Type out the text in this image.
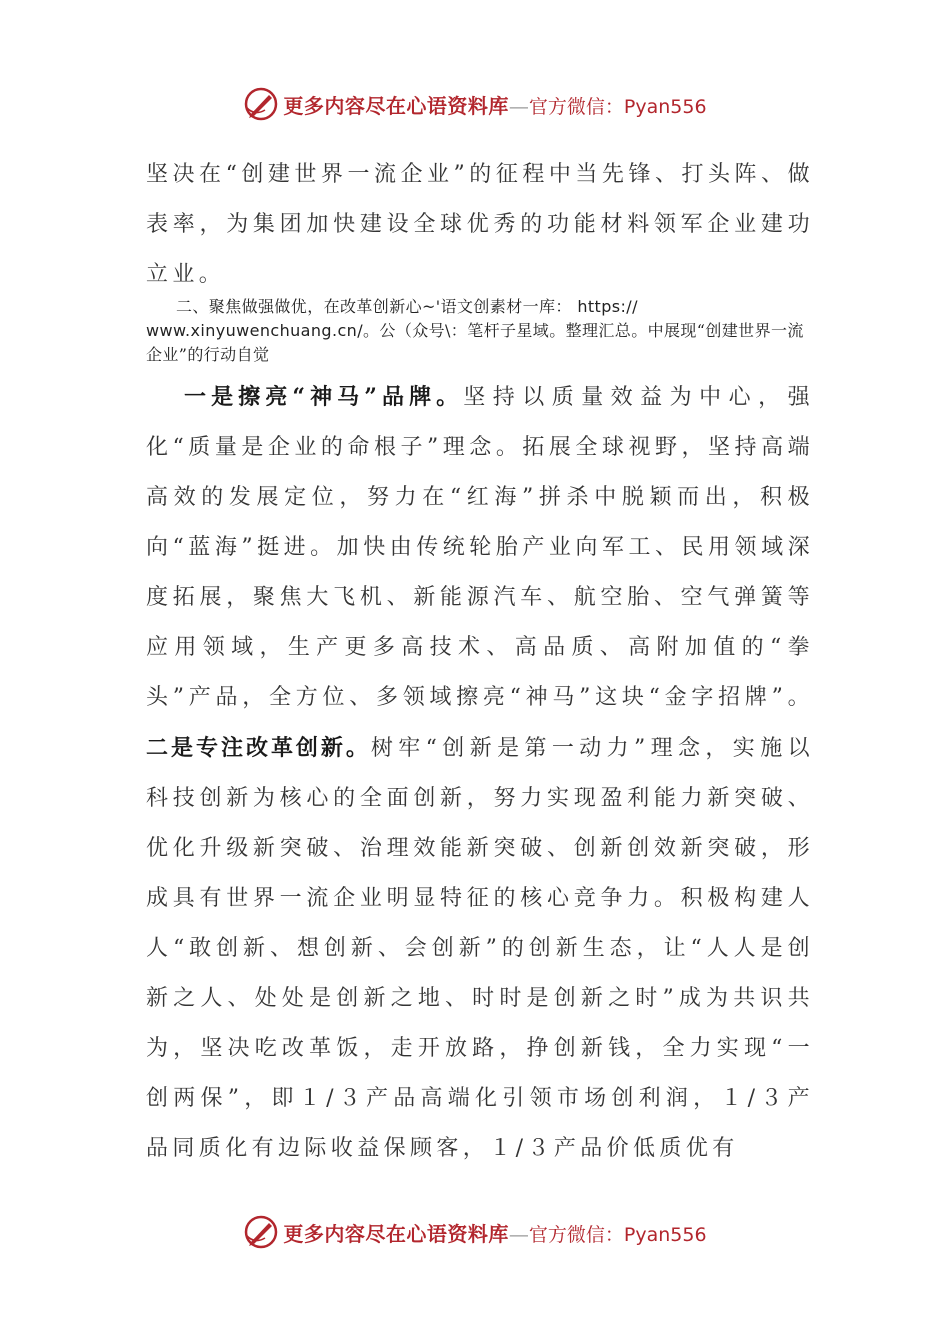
更多内容尽在心语资料库—官方微信：Pyan556
坚决在“创建世界一流企业”的征程中当先锋、打头阵、做表率，为集团加快建设全球优秀的功能材料领军企业建功立业。
二、聚焦做强做优，在改革创新心~'语文创素材一库： https:// www.xinyuwenchuang.cn/。公（众号\：笔杆子星域。整理汇总。中展现“创建世界一流企业”的行动自觉
一是擦亮“神马”品牌。坚持以质量效益为中心，强化“质量是企业的命根子”理念。拓展全球视野，坚持高端高效的发展定位，努力在“红海”拼杀中脱颖而出，积极向“蓝海”挺进。加快由传统轮胎产业向军工、民用领域深度拓展，聚焦大飞机、新能源汽车、航空胎、空气弹簧等应用领域，生产更多高技术、高品质、高附加值的“拳头”产品，全方位、多领域擦亮“神马”这块“金字招牌”。二是专注改革创新。树牢“创新是第一动力”理念，实施以科技创新为核心的全面创新，努力实现盈利能力新突破、优化升级新突破、治理效能新突破、创新创效新突破，形成具有世界一流企业明显特征的核心竞争力。积极构建人人“敢创新、想创新、会创新”的创新生态，让“人人是创新之人、处处是创新之地、时时是创新之时”成为共识共为，坚决吃改革饭，走开放路，挣创新钱，全力实现“一创两保”，即１/３产品高端化引领市场创利润，１/３产品同质化有边际收益保顾客，１/３产品价低质优有
更多内容尽在心语资料库—官方微信：Pyan556
